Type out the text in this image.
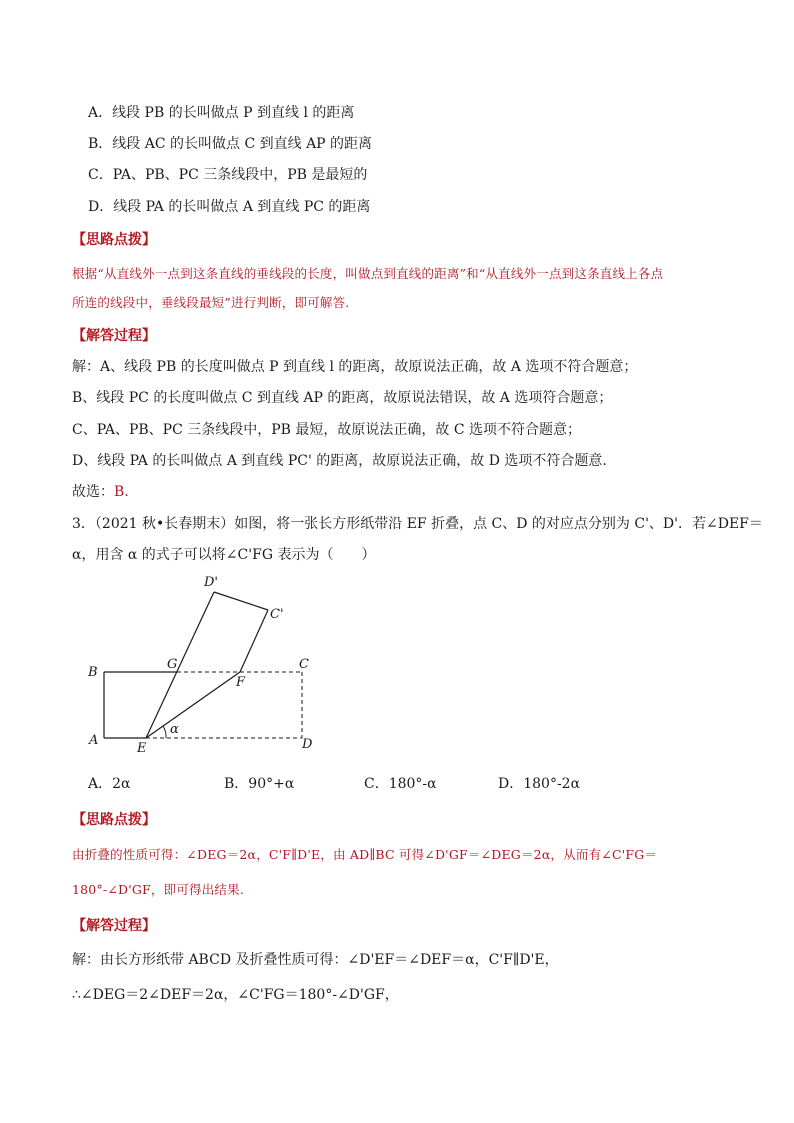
A．线段 PB 的长叫做点 P 到直线 l 的距离
B．线段 AC 的长叫做点 C 到直线 AP 的距离
C．PA、PB、PC 三条线段中，PB 是最短的
D．线段 PA 的长叫做点 A 到直线 PC 的距离
【思路点拨】
根据“从直线外一点到这条直线的垂线段的长度，叫做点到直线的距离”和“从直线外一点到这条直线上各点
所连的线段中，垂线段最短”进行判断，即可解答.
【解答过程】
解：A、线段 PB 的长度叫做点 P 到直线 l 的距离，故原说法正确，故 A 选项不符合题意；
B、线段 PC 的长度叫做点 C 到直线 AP 的距离，故原说法错误，故 A 选项符合题意；
C、PA、PB、PC 三条线段中，PB 最短，故原说法正确，故 C 选项不符合题意；
D、线段 PA 的长叫做点 A 到直线 PC' 的距离，故原说法正确，故 D 选项不符合题意.
故选：B.
3．（2021 秋•长春期末）如图，将一张长方形纸带沿 EF 折叠，点 C、D 的对应点分别为 C'、D'．若∠DEF＝
α，用含 α 的式子可以将∠C'FG 表示为（　　）
D'
C'
B
G	C
F
A
E	D
α
A．2α	B．90°+α	C．180°-α	D．180°-2α
【思路点拨】
由折叠的性质可得：∠DEG＝2α，C'F∥D'E，由 AD∥BC 可得∠D'GF＝∠DEG＝2α，从而有∠C'FG＝
180°-∠D'GF，即可得出结果.
【解答过程】
解：由长方形纸带 ABCD 及折叠性质可得：∠D'EF＝∠DEF＝α，C'F∥D'E，
∴∠DEG＝2∠DEF＝2α，∠C'FG＝180°-∠D'GF，
